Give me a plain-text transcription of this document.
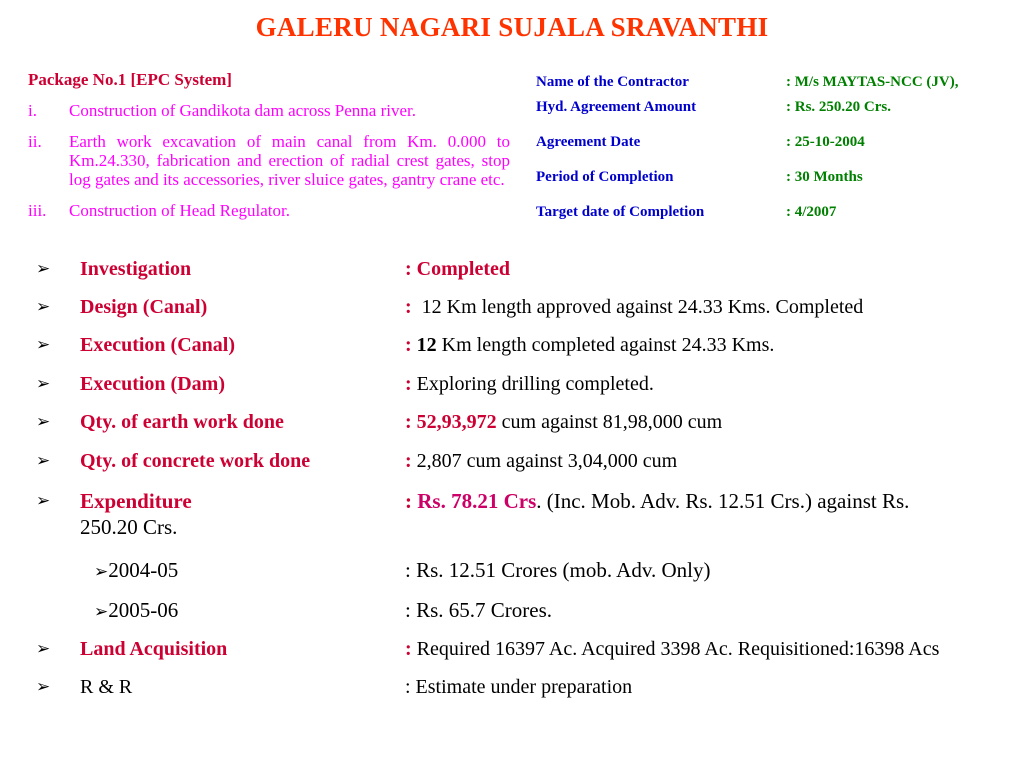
GALERU NAGARI SUJALA SRAVANTHI
Package No.1 [EPC System]
i. Construction of Gandikota dam across Penna river.
ii. Earth work excavation of main canal from Km. 0.000 to Km.24.330, fabrication and erection of radial crest gates, stop log gates and its accessories, river sluice gates, gantry crane etc.
iii. Construction of Head Regulator.
Name of the Contractor	: M/s MAYTAS-NCC (JV),
Hyd. Agreement Amount	: Rs. 250.20 Crs.
Agreement Date	: 25-10-2004
Period of Completion	: 30 Months
Target date of Completion	: 4/2007
➢ Investigation	: Completed
➢ Design (Canal)	: 12 Km length approved against 24.33 Kms. Completed
➢ Execution (Canal)	: 12 Km length completed against 24.33 Kms.
➢ Execution (Dam)	: Exploring drilling completed.
➢ Qty. of earth work done	: 52,93,972 cum against 81,98,000 cum
➢ Qty. of concrete work done	: 2,807 cum against 3,04,000 cum
➢ Expenditure	: Rs. 78.21 Crs. (Inc. Mob. Adv. Rs. 12.51 Crs.) against Rs.
250.20 Crs.
➢2004-05	: Rs. 12.51 Crores (mob. Adv. Only)
➢2005-06	: Rs. 65.7 Crores.
➢ Land Acquisition	: Required 16397 Ac. Acquired 3398 Ac. Requisitioned:16398 Acs
➢ R & R	: Estimate under preparation
